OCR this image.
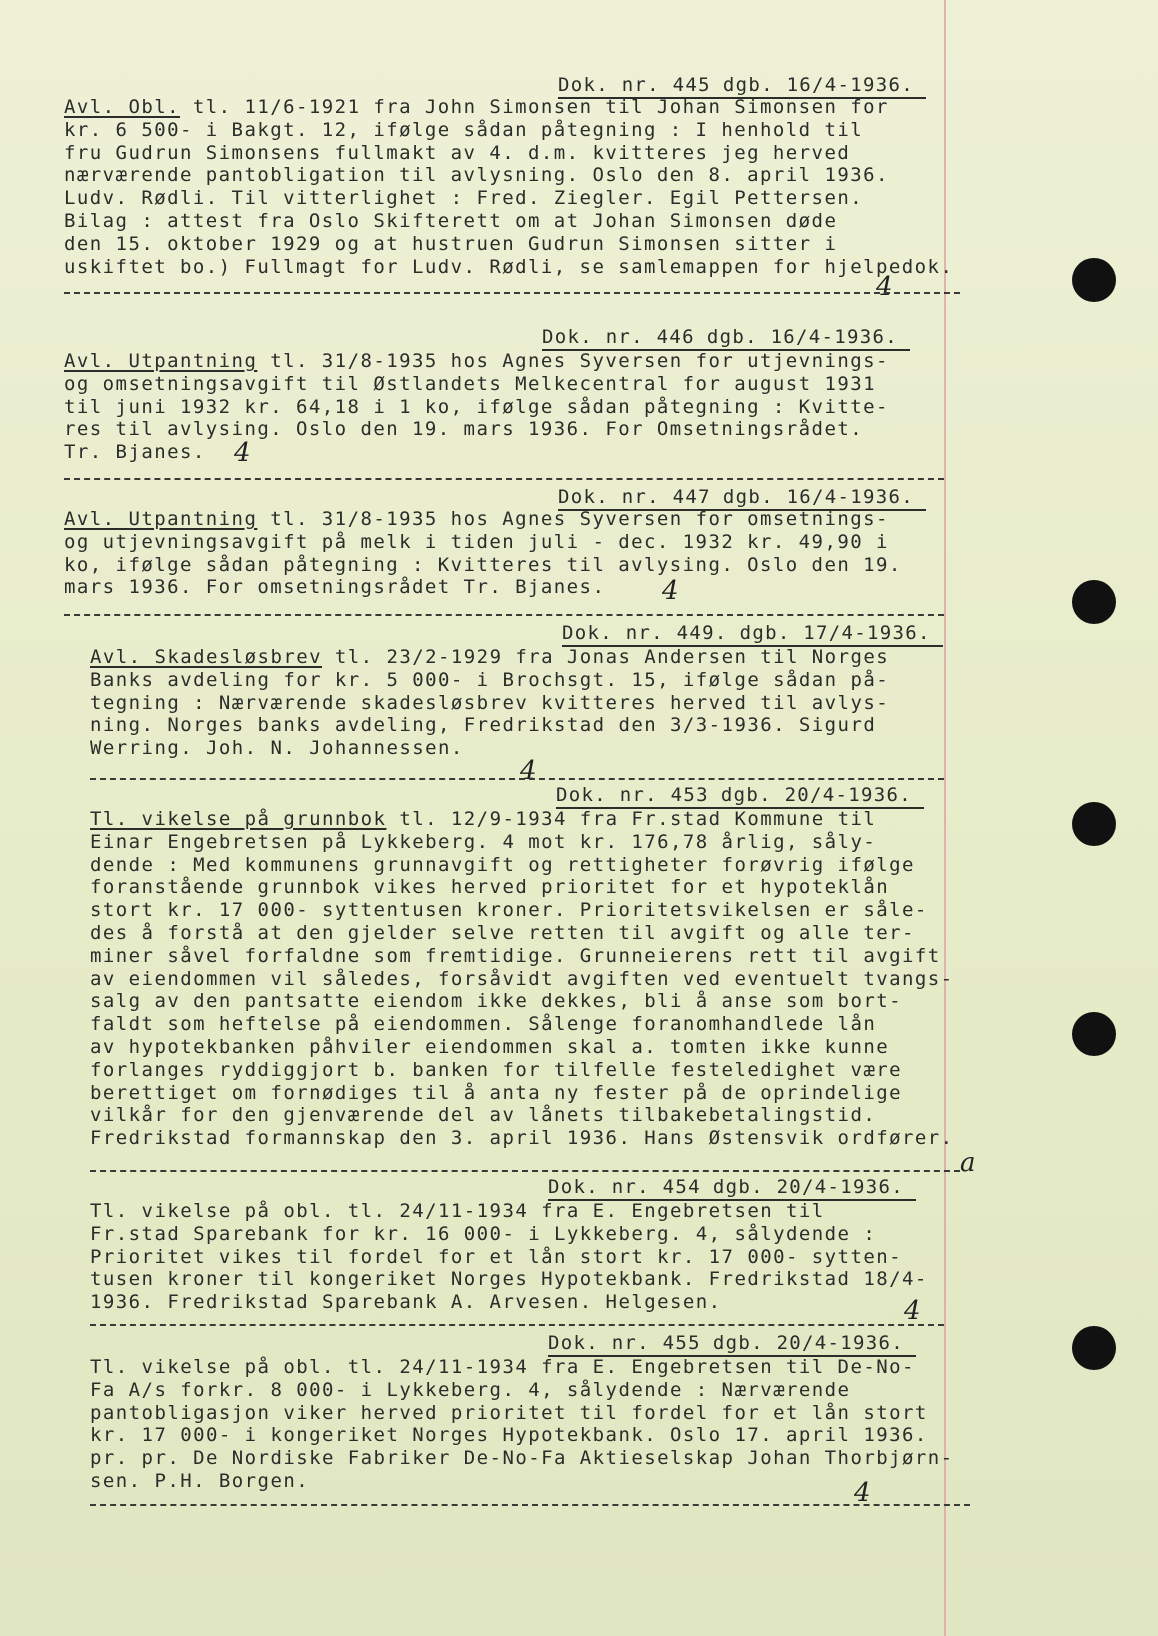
Dok. nr. 445 dgb. 16/4-1936.
Avl. Obl. tl. 11/6-1921 fra John Simonsen til Johan Simonsen for
kr. 6 500- i Bakgt. 12, ifølge sådan påtegning : I henhold til
fru Gudrun Simonsens fullmakt av 4. d.m. kvitteres jeg herved
nærværende pantobligation til avlysning. Oslo den 8. april 1936.
Ludv. Rødli. Til vitterlighet : Fred. Ziegler. Egil Pettersen.
Bilag : attest fra Oslo Skifterett om at Johan Simonsen døde
den 15. oktober 1929 og at hustruen Gudrun Simonsen sitter i
uskiftet bo.) Fullmagt for Ludv. Rødli, se samlemappen for hjelpedok.
4
Dok. nr. 446 dgb. 16/4-1936.
Avl. Utpantning tl. 31/8-1935 hos Agnes Syversen for utjevnings-
og omsetningsavgift til Østlandets Melkecentral for august 1931
til juni 1932 kr. 64,18 i 1 ko, ifølge sådan påtegning : Kvitte-
res til avlysing. Oslo den 19. mars 1936. For Omsetningsrådet.
Tr. Bjanes.	4
Dok. nr. 447 dgb. 16/4-1936.
Avl. Utpantning tl. 31/8-1935 hos Agnes Syversen for omsetnings-
og utjevningsavgift på melk i tiden juli - dec. 1932 kr. 49,90 i
ko, ifølge sådan påtegning : Kvitteres til avlysing. Oslo den 19.
mars 1936. For omsetningsrådet Tr. Bjanes.	4
Dok. nr. 449. dgb. 17/4-1936.
Avl. Skadesløsbrev tl. 23/2-1929 fra Jonas Andersen til Norges
Banks avdeling for kr. 5 000- i Brochsgt. 15, ifølge sådan på-
tegning : Nærværende skadesløsbrev kvitteres herved til avlys-
ning. Norges banks avdeling, Fredrikstad den 3/3-1936. Sigurd
Werring. Joh. N. Johannessen.
4
Dok. nr. 453 dgb. 20/4-1936.
Tl. vikelse på grunnbok tl. 12/9-1934 fra Fr.stad Kommune til
Einar Engebretsen på Lykkeberg. 4 mot kr. 176,78 årlig, såly-
dende : Med kommunens grunnavgift og rettigheter forøvrig ifølge
foranstående grunnbok vikes herved prioritet for et hypoteklån
stort kr. 17 000- syttentusen kroner. Prioritetsvikelsen er såle-
des å forstå at den gjelder selve retten til avgift og alle ter-
miner såvel forfaldne som fremtidige. Grunneierens rett til avgift
av eiendommen vil således, forsåvidt avgiften ved eventuelt tvangs-
salg av den pantsatte eiendom ikke dekkes, bli å anse som bort-
faldt som heftelse på eiendommen. Sålenge foranomhandlede lån
av hypotekbanken påhviler eiendommen skal a. tomten ikke kunne
forlanges ryddiggjort b. banken for tilfelle festeledighet være
berettiget om fornødiges til å anta ny fester på de oprindelige
vilkår for den gjenværende del av lånets tilbakebetalingstid.
Fredrikstad formannskap den 3. april 1936. Hans Østensvik ordfører.
a
Dok. nr. 454 dgb. 20/4-1936.
Tl. vikelse på obl. tl. 24/11-1934 fra E. Engebretsen til
Fr.stad Sparebank for kr. 16 000- i Lykkeberg. 4, sålydende :
Prioritet vikes til fordel for et lån stort kr. 17 000- sytten-
tusen kroner til kongeriket Norges Hypotekbank. Fredrikstad 18/4-
1936. Fredrikstad Sparebank A. Arvesen. Helgesen.	4
Dok. nr. 455 dgb. 20/4-1936.
Tl. vikelse på obl. tl. 24/11-1934 fra E. Engebretsen til De-No-
Fa A/s forkr. 8 000- i Lykkeberg. 4, sålydende : Nærværende
pantobligasjon viker herved prioritet til fordel for et lån stort
kr. 17 000- i kongeriket Norges Hypotekbank. Oslo 17. april 1936.
pr. pr. De Nordiske Fabriker De-No-Fa Aktieselskap Johan Thorbjørn-
sen. P.H. Borgen.	4
